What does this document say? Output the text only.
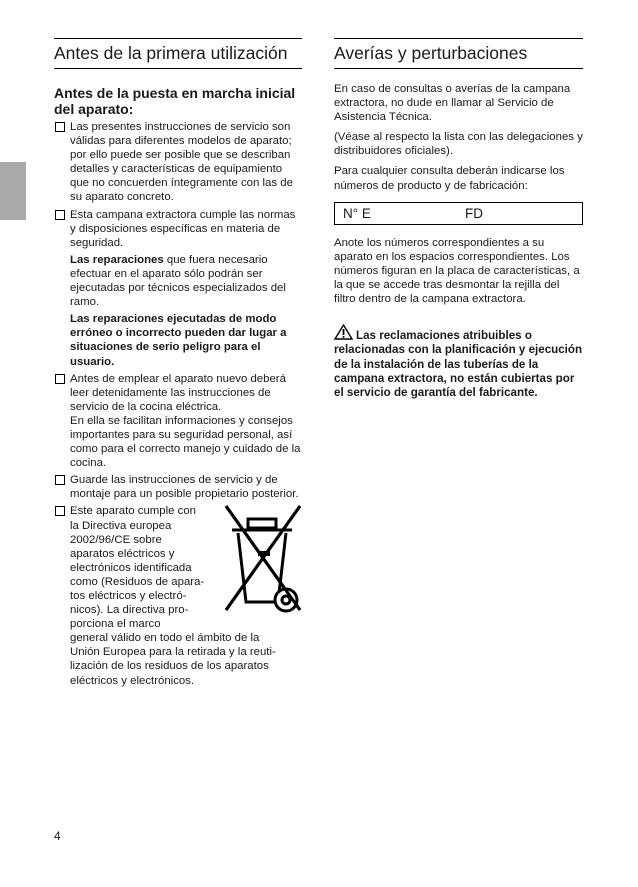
Antes de la primera utilización
Antes de la puesta en marcha inicial del aparato:
Las presentes instrucciones de servicio son válidas para diferentes modelos de aparato; por ello puede ser posible que se describan detalles y características de equipamiento que no concuerden íntegramente con las de su aparato concreto.
Esta campana extractora cumple las normas y disposiciones específicas en materia de seguridad.
Las reparaciones que fuera necesario efectuar en el aparato sólo podrán ser ejecutadas por técnicos especializados del ramo.
Las reparaciones ejecutadas de modo erróneo o incorrecto pueden dar lugar a situaciones de serio peligro para el usuario.
Antes de emplear el aparato nuevo deberá leer detenidamente las instrucciones de servicio de la cocina eléctrica.
En ella se facilitan informaciones y consejos importantes para su seguridad personal, así como para el correcto manejo y cuidado de la cocina.
Guarde las instrucciones de servicio y de montaje para un posible propietario posterior.
Este aparato cumple con
la Directiva europea
2002/96/CE sobre
aparatos eléctricos y
electrónicos identificada
como (Residuos de apara-
tos eléctricos y electró-
nicos). La directiva pro-
porciona el marco
general válido en todo el ámbito de la
Unión Europea para la retirada y la reuti-
lización de los residuos de los aparatos
eléctricos y electrónicos.
Averías y perturbaciones
En caso de consultas o averías de la campana extractora, no dude en llamar al Servicio de Asistencia Técnica.
(Véase al respecto la lista con las delegaciones y distribuidores oficiales).
Para cualquier consulta deberán indicarse los números de producto y de fabricación:
N° E	FD
Anote los números correspondientes a su aparato en los espacios correspondientes. Los números figuran en la placa de características, a la que se accede tras desmontar la rejilla del filtro dentro de la campana extractora.
Las reclamaciones atribuibles o relacionadas con la planificación y ejecución de la instalación de las tuberías de la campana extractora, no están cubiertas por el servicio de garantía del fabricante.
4
